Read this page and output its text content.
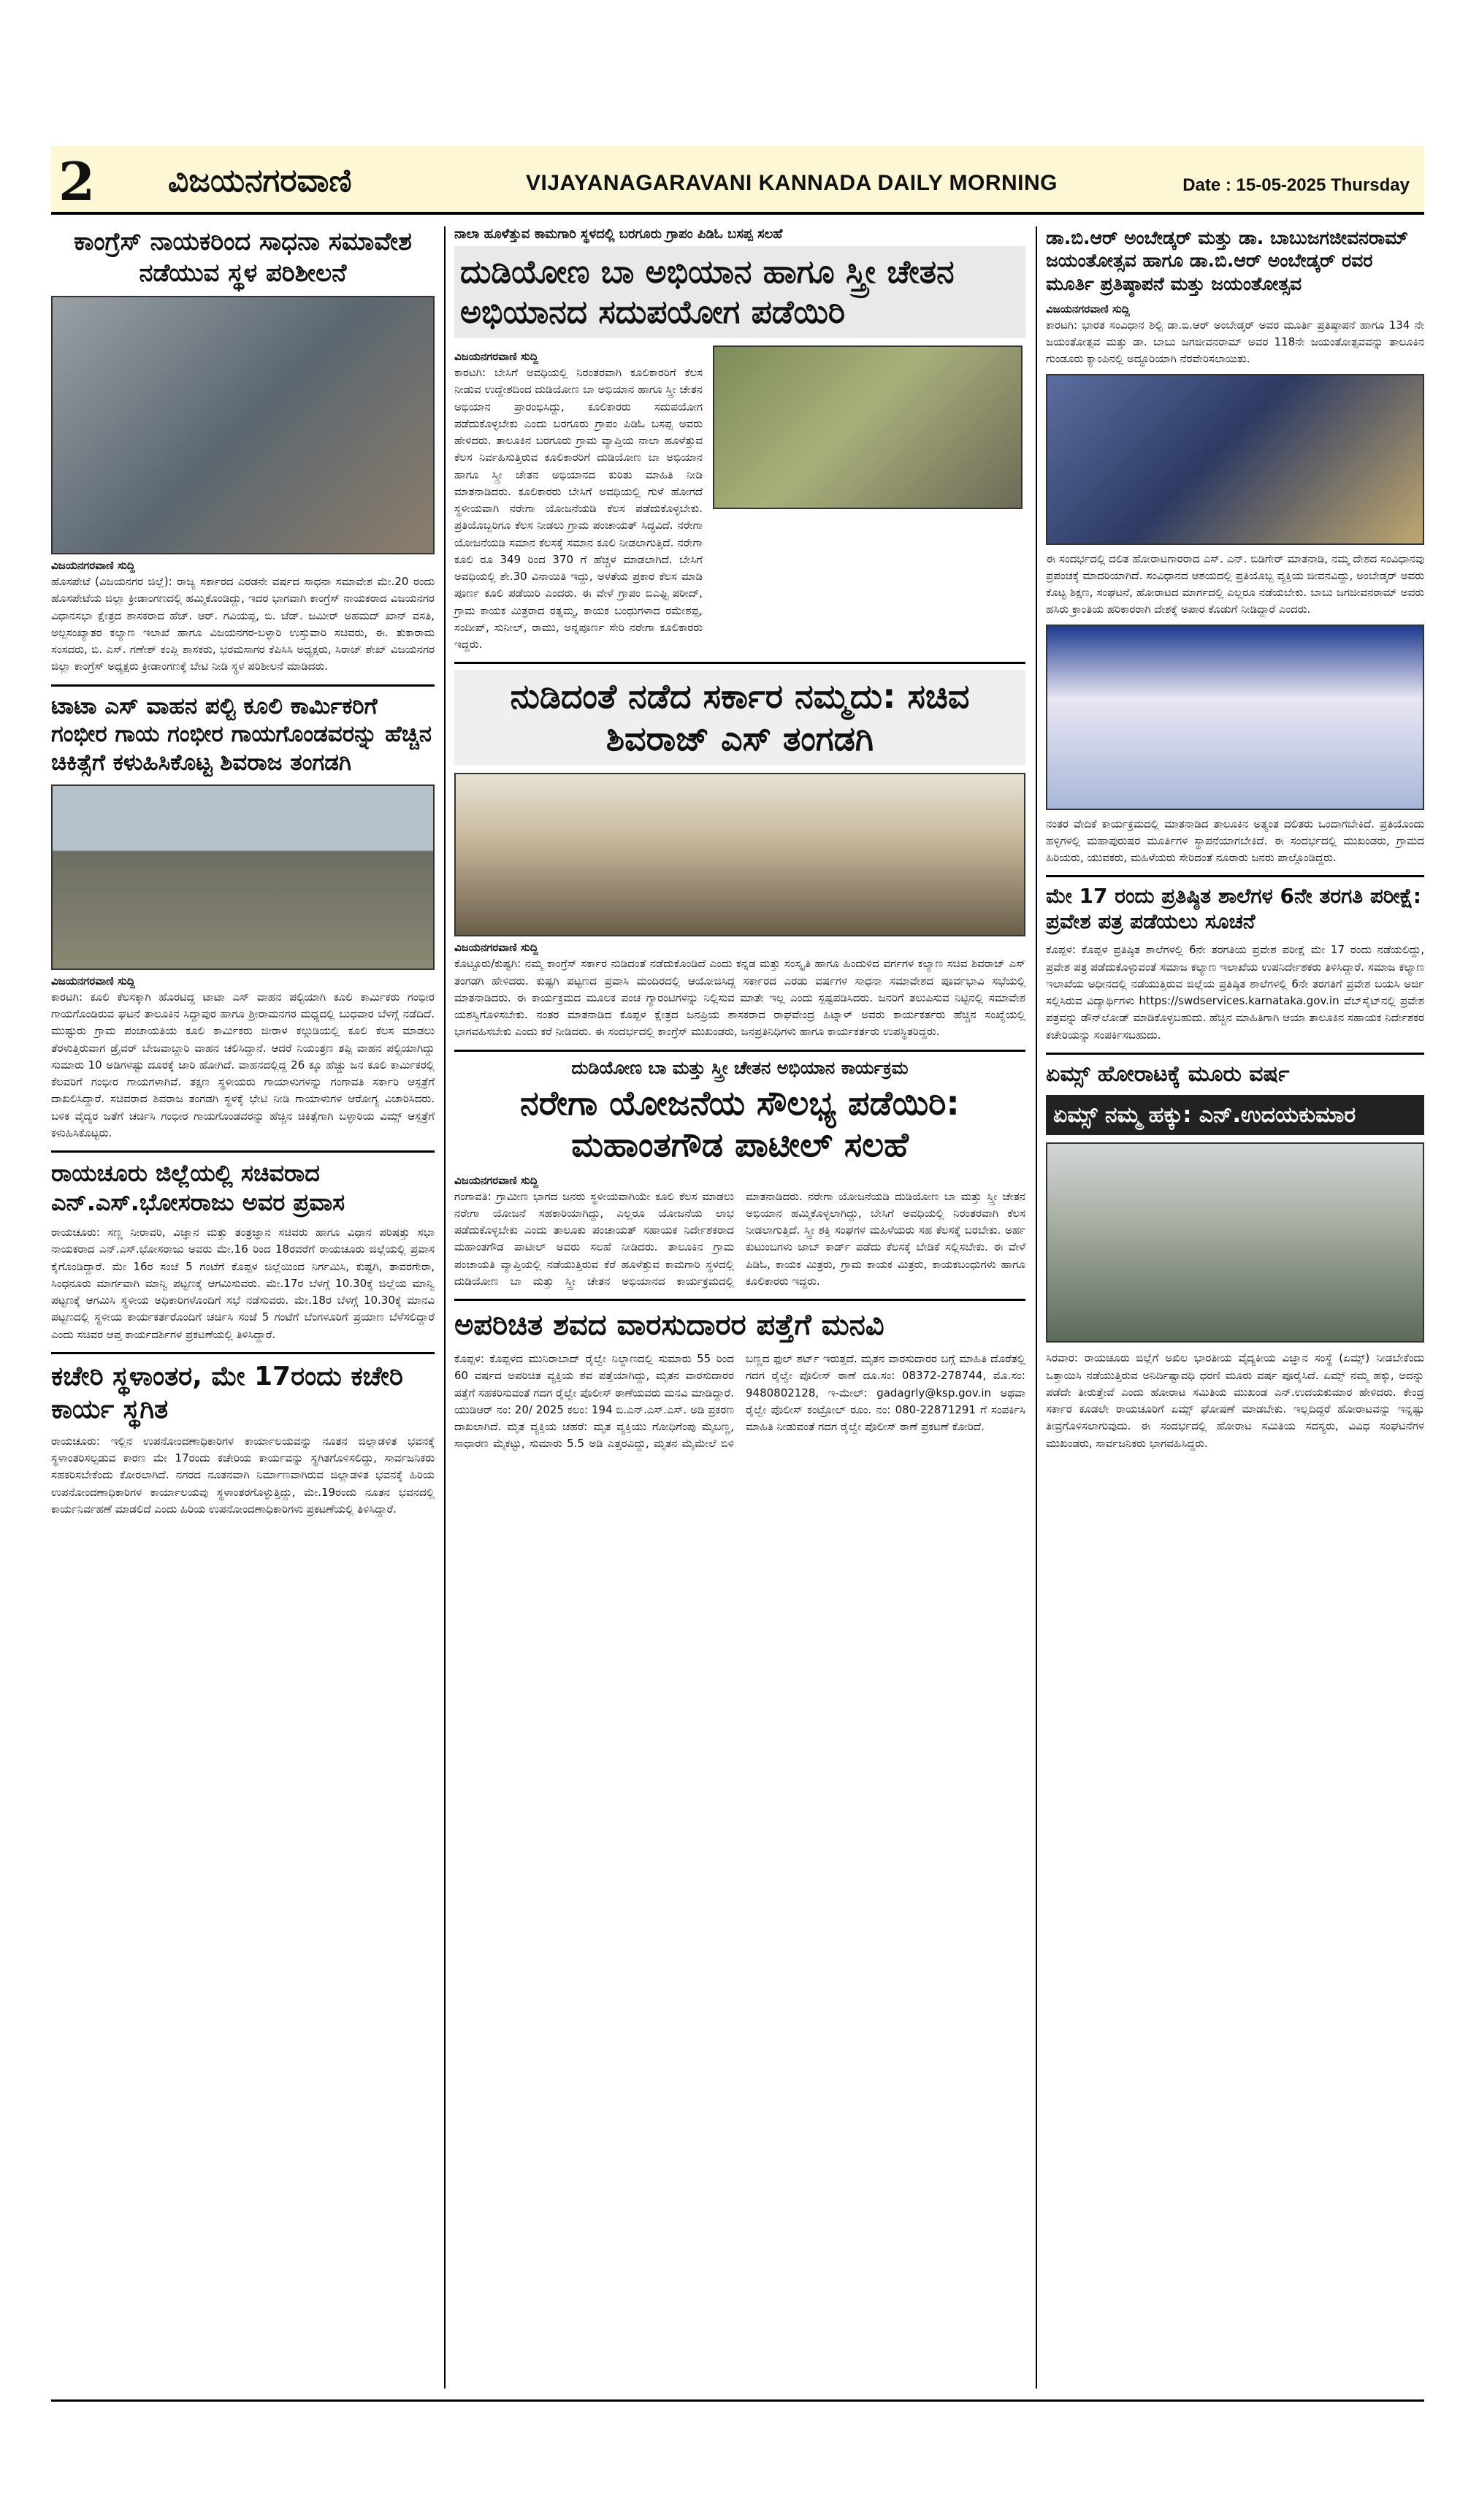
2 ವಿಜಯನಗರವಾಣಿ	VIJAYANAGARAVANI KANNADA DAILY MORNING	Date : 15-05-2025 Thursday
ಕಾಂಗ್ರೆಸ್ ನಾಯಕರಿಂದ ಸಾಧನಾ ಸಮಾವೇಶ ನಡೆಯುವ ಸ್ಥಳ ಪರಿಶೀಲನೆ
ವಿಜಯನಗರವಾಣಿ ಸುದ್ದಿ

ಹೊಸಪೇಟೆ (ವಿಜಯನಗರ ಜಿಲ್ಲೆ): ರಾಜ್ಯ ಸರ್ಕಾರದ ಎರಡನೇ ವರ್ಷದ ಸಾಧನಾ ಸಮಾವೇಶ ಮೇ.20 ರಂದು ಹೊಸಪೇಟೆಯ ಜಿಲ್ಲಾ ಕ್ರೀಡಾಂಗಣದಲ್ಲಿ ಹಮ್ಮಿಕೊಂಡಿದ್ದು, ಇದರ ಭಾಗವಾಗಿ ಕಾಂಗ್ರೆಸ್ ನಾಯಕರಾದ ವಿಜಯನಗರ ವಿಧಾನಸಭಾ ಕ್ಷೇತ್ರದ ಶಾಸಕರಾದ ಹೆಚ್. ಆರ್. ಗವಿಯಪ್ಪ, ಬಿ. ಜೆಡ್. ಜಮೀರ್ ಅಹಮದ್ ಖಾನ್ ವಸತಿ, ಅಲ್ಪಸಂಖ್ಯಾತರ ಕಲ್ಯಾಣ ಇಲಾಖೆ ಹಾಗೂ ವಿಜಯನಗರ-ಬಳ್ಳಾರಿ ಉಸ್ತುವಾರಿ ಸಚಿವರು, ಈ. ತುಕಾರಾಮ ಸಂಸದರು, ಬಿ. ಎಸ್. ಗಣೇಶ್ ಕಂಪ್ಲಿ ಶಾಸಕರು, ಭರಮಸಾಗರ ಕೆಪಿಸಿಸಿ ಅಧ್ಯಕ್ಷರು, ಸಿರಾಜ್ ಶೇಖ್ ವಿಜಯನಗರ ಜಿಲ್ಲಾ ಕಾಂಗ್ರೆಸ್ ಅಧ್ಯಕ್ಷರು ಕ್ರೀಡಾಂಗಣಕ್ಕೆ ಬೇಟಿ ನೀಡಿ ಸ್ಥಳ ಪರಿಶೀಲನೆ ಮಾಡಿದರು.

ಟಾಟಾ ಎಸ್ ವಾಹನ ಪಲ್ಟಿ ಕೂಲಿ ಕಾರ್ಮಿಕರಿಗೆ ಗಂಭೀರ ಗಾಯ ಗಂಭೀರ ಗಾಯಗೊಂಡವರನ್ನು ಹೆಚ್ಚಿನ ಚಿಕಿತ್ಸೆಗೆ ಕಳುಹಿಸಿಕೊಟ್ಟ ಶಿವರಾಜ ತಂಗಡಗಿ
ವಿಜಯನಗರವಾಣಿ ಸುದ್ದಿ

ಕಾರಟಗಿ: ಕೂಲಿ ಕೆಲಸಕ್ಕಾಗಿ ಹೊರಟಿದ್ದ ಟಾಟಾ ಎಸ್ ವಾಹನ ಪಲ್ಟಿಯಾಗಿ ಕೂಲಿ ಕಾರ್ಮಿಕರು ಗಂಭೀರ ಗಾಯಗೊಂಡಿರುವ ಘಟನೆ ತಾಲೂಕಿನ ಸಿದ್ದಾಪುರ ಹಾಗೂ ಶ್ರೀರಾಮನಗರ ಮಧ್ಯದಲ್ಲಿ ಬುಧವಾರ ಬೆಳಗ್ಗೆ ನಡೆದಿದೆ. ಮುಷ್ಟುರು ಗ್ರಾಮ ಪಂಚಾಯತಿಯ ಕೂಲಿ ಕಾರ್ಮಿಕರು ಜೀರಾಳ ಕಲ್ಗುಡಿಯಲ್ಲಿ ಕೂಲಿ ಕೆಲಸ ಮಾಡಲು ತೆರಳುತ್ತಿರುವಾಗ ಡ್ರೈವರ್ ಬೇಜವಾಬ್ದಾರಿ ವಾಹನ ಚಲಿಸಿದ್ದಾನೆ. ಆದರೆ ನಿಯಂತ್ರಣ ತಪ್ಪಿ ವಾಹನ ಪಲ್ಟಿಯಾಗಿದ್ದು ಸುಮಾರು 10 ಅಡಿಗಳಷ್ಟು ದೂರಕ್ಕೆ ಜಾರಿ ಹೋಗಿದೆ. ವಾಹನದಲ್ಲಿದ್ದ 26 ಕ್ಕೂ ಹೆಚ್ಚು ಜನ ಕೂಲಿ ಕಾರ್ಮಿಕರಲ್ಲಿ ಕೆಲವರಿಗೆ ಗಂಭೀರ ಗಾಯಗಳಾಗಿವೆ. ತಕ್ಷಣ ಸ್ಥಳೀಯರು ಗಾಯಾಳುಗಳನ್ನು ಗಂಗಾವತಿ ಸರ್ಕಾರಿ ಆಸ್ಪತ್ರೆಗೆ ದಾಖಲಿಸಿದ್ದಾರೆ. ಸಚಿವರಾದ ಶಿವರಾಜ ತಂಗಡಗಿ ಸ್ಥಳಕ್ಕೆ ಭೇಟಿ ನೀಡಿ ಗಾಯಾಳುಗಳ ಆರೋಗ್ಯ ವಿಚಾರಿಸಿದರು. ಬಳಿಕ ವೈದ್ಯರ ಜತೆಗೆ ಚರ್ಚಿಸಿ ಗಂಭೀರ ಗಾಯಗೊಂಡವರನ್ನು ಹೆಚ್ಚಿನ ಚಿಕಿತ್ಸೆಗಾಗಿ ಬಳ್ಳಾರಿಯ ವಿಮ್ಸ್ ಆಸ್ಪತ್ರೆಗೆ ಕಳುಹಿಸಿಕೊಟ್ಟರು.

ರಾಯಚೂರು ಜಿಲ್ಲೆಯಲ್ಲಿ ಸಚಿವರಾದ ಎನ್.ಎಸ್.ಭೋಸರಾಜು ಅವರ ಪ್ರವಾಸ

ರಾಯಚೂರು: ಸಣ್ಣ ನೀರಾವರಿ, ವಿಜ್ಞಾನ ಮತ್ತು ತಂತ್ರಜ್ಞಾನ ಸಚಿವರು ಹಾಗೂ ವಿಧಾನ ಪರಿಷತ್ತು ಸಭಾ ನಾಯಕರಾದ ಎನ್.ಎಸ್.ಭೋಸರಾಜು ಅವರು ಮೇ.16 ರಿಂದ 18ರವರೆಗೆ ರಾಯಚೂರು ಜಿಲ್ಲೆಯಲ್ಲಿ ಪ್ರವಾಸ ಕೈಗೊಂಡಿದ್ದಾರೆ. ಮೇ 16ರ ಸಂಜೆ 5 ಗಂಟೆಗೆ ಕೊಪ್ಪಳ ಜಿಲ್ಲೆಯಿಂದ ನಿರ್ಗಮಿಸಿ, ಕುಷ್ಟಗಿ, ತಾವರಗೇರಾ, ಸಿಂಧನೂರು ಮಾರ್ಗವಾಗಿ ಮಾನ್ವಿ ಪಟ್ಟಣಕ್ಕೆ ಆಗಮಿಸುವರು. ಮೇ.17ರ ಬೆಳಗ್ಗೆ 10.30ಕ್ಕೆ ಜಿಲ್ಲೆಯ ಮಾನ್ವಿ ಪಟ್ಟಣಕ್ಕೆ ಆಗಮಿಸಿ ಸ್ಥಳೀಯ ಅಧಿಕಾರಿಗಳೊಂದಿಗೆ ಸಭೆ ನಡೆಸುವರು. ಮೇ.18ರ ಬೆಳಗ್ಗೆ 10.30ಕ್ಕೆ ಮಾನವಿ ಪಟ್ಟಣದಲ್ಲಿ ಸ್ಥಳೀಯ ಕಾರ್ಯಕರ್ತರೊಂದಿಗೆ ಚರ್ಚಿಸಿ ಸಂಜೆ 5 ಗಂಟೆಗೆ ಬೆಂಗಳೂರಿಗೆ ಪ್ರಯಾಣ ಬೆಳೆಸಲಿದ್ದಾರೆ ಎಂದು ಸಚಿವರ ಆಪ್ತ ಕಾರ್ಯದರ್ಶಿಗಳ ಪ್ರಕಟಣೆಯಲ್ಲಿ ತಿಳಿಸಿದ್ದಾರೆ.

ಕಚೇರಿ ಸ್ಥಳಾಂತರ, ಮೇ 17ರಂದು ಕಚೇರಿ ಕಾರ್ಯ ಸ್ಥಗಿತ

ರಾಯಚೂರು: ಇಲ್ಲಿನ ಉಪನೋಂದಣಾಧಿಕಾರಿಗಳ ಕಾರ್ಯಾಲಯವನ್ನು ನೂತನ ಜಿಲ್ಲಾಡಳಿತ ಭವನಕ್ಕೆ ಸ್ಥಳಾಂತರಿಸಲ್ಪಡುವ ಕಾರಣ ಮೇ 17ರಂದು ಕಚೇರಿಯ ಕಾರ್ಯವನ್ನು ಸ್ಥಗಿತಗೊಳಿಸಲಿದ್ದು, ಸಾರ್ವಜನಿಕರು ಸಹಕರಿಸಬೇಕೆಂದು ಕೋರಲಾಗಿದೆ. ನಗರದ ನೂತನವಾಗಿ ನಿರ್ಮಾಣವಾಗಿರುವ ಜಿಲ್ಲಾಡಳಿತ ಭವನಕ್ಕೆ ಹಿರಿಯ ಉಪನೋಂದಣಾಧಿಕಾರಿಗಳ ಕಾರ್ಯಾಲಯವು ಸ್ಥಳಾಂತರಗೊಳ್ಳುತ್ತಿದ್ದು, ಮೇ.19ರಂದು ನೂತನ ಭವನದಲ್ಲಿ ಕಾರ್ಯನಿರ್ವಹಣೆ ಮಾಡಲಿದೆ ಎಂದು ಹಿರಿಯ ಉಪನೋಂದಣಾಧಿಕಾರಿಗಳು ಪ್ರಕಟಣೆಯಲ್ಲಿ ತಿಳಿಸಿದ್ದಾರೆ.

ನಾಲಾ ಹೂಳೆತ್ತುವ ಕಾಮಗಾರಿ ಸ್ಥಳದಲ್ಲಿ ಬರಗೂರು ಗ್ರಾಪಂ ಪಿಡಿಓ ಬಸಪ್ಪ ಸಲಹೆ
ದುಡಿಯೋಣ ಬಾ ಅಭಿಯಾನ ಹಾಗೂ ಸ್ತ್ರೀ ಚೇತನ ಅಭಿಯಾನದ ಸದುಪಯೋಗ ಪಡೆಯಿರಿ
ವಿಜಯನಗರವಾಣಿ ಸುದ್ದಿ

ಕಾರಟಗಿ: ಬೇಸಿಗೆ ಅವಧಿಯಲ್ಲಿ ನಿರಂತರವಾಗಿ ಕೂಲಿಕಾರರಿಗೆ ಕೆಲಸ ನೀಡುವ ಉದ್ದೇಶದಿಂದ ದುಡಿಯೋಣ ಬಾ ಅಭಿಯಾನ ಹಾಗೂ ಸ್ತ್ರೀ ಚೇತನ ಅಭಿಯಾನ ಪ್ರಾರಂಭಿಸಿದ್ದು, ಕೂಲಿಕಾರರು ಸದುಪಯೋಗ ಪಡೆದುಕೊಳ್ಳಬೇಕು ಎಂದು ಬರಗೂರು ಗ್ರಾಪಂ ಪಿಡಿಓ ಬಸಪ್ಪ ಅವರು ಹೇಳಿದರು. ತಾಲೂಕಿನ ಬರಗೂರು ಗ್ರಾಮ ವ್ಯಾಪ್ತಿಯ ನಾಲಾ ಹೂಳೆತ್ತುವ ಕೆಲಸ ನಿರ್ವಹಿಸುತ್ತಿರುವ ಕೂಲಿಕಾರರಿಗೆ ದುಡಿಯೋಣ ಬಾ ಅಭಿಯಾನ ಹಾಗೂ ಸ್ತ್ರೀ ಚೇತನ ಅಭಿಯಾನದ ಕುರಿತು ಮಾಹಿತಿ ನೀಡಿ ಮಾತನಾಡಿದರು. ಕೂಲಿಕಾರರು ಬೇಸಿಗೆ ಅವಧಿಯಲ್ಲಿ ಗುಳೆ ಹೋಗದೆ ಸ್ಥಳೀಯವಾಗಿ ನರೇಗಾ ಯೋಜನೆಯಡಿ ಕೆಲಸ ಪಡೆದುಕೊಳ್ಳಬೇಕು. ಪ್ರತಿಯೊಬ್ಬರಿಗೂ ಕೆಲಸ ನೀಡಲು ಗ್ರಾಮ ಪಂಚಾಯತ್ ಸಿದ್ಧವಿದೆ. ನರೇಗಾ ಯೋಜನೆಯಡಿ ಸಮಾನ ಕೆಲಸಕ್ಕೆ ಸಮಾನ ಕೂಲಿ ನೀಡಲಾಗುತ್ತಿದೆ. ನರೇಗಾ ಕೂಲಿ ರೂ 349 ರಿಂದ 370 ಗೆ ಹೆಚ್ಚಳ ಮಾಡಲಾಗಿದೆ. ಬೇಸಿಗೆ ಅವಧಿಯಲ್ಲಿ ಶೇ.30 ವಿನಾಯಿತಿ ಇದ್ದು, ಅಳತೆಯ ಪ್ರಕಾರ ಕೆಲಸ ಮಾಡಿ ಪೂರ್ಣ ಕೂಲಿ ಪಡೆಯಿರಿ ಎಂದರು. ಈ ವೇಳೆ ಗ್ರಾಪಂ ಬಿಎಫ್ಟಿ ಪರೀದ್, ಗ್ರಾಮ ಕಾಯಕ ಮಿತ್ರರಾದ ರತ್ನಮ್ಮ, ಕಾಯಕ ಬಂಧುಗಳಾದ ರಮೇಶಪ್ಪ, ಸಂದೀಪ್, ಸುನೀಲ್, ರಾಮು, ಅನ್ನಪೂರ್ಣ ಸೇರಿ ನರೇಗಾ ಕೂಲಿಕಾರರು ಇದ್ದರು.

ನುಡಿದಂತೆ ನಡೆದ ಸರ್ಕಾರ ನಮ್ಮದು: ಸಚಿವ ಶಿವರಾಜ್ ಎಸ್ ತಂಗಡಗಿ
ವಿಜಯನಗರವಾಣಿ ಸುದ್ದಿ

ಕೊಟ್ಟೂರು/ಕುಷ್ಟಗಿ: ನಮ್ಮ ಕಾಂಗ್ರೆಸ್ ಸರ್ಕಾರ ನುಡಿದಂತೆ ನಡೆದುಕೊಂಡಿದೆ ಎಂದು ಕನ್ನಡ ಮತ್ತು ಸಂಸ್ಕೃತಿ ಹಾಗೂ ಹಿಂದುಳಿದ ವರ್ಗಗಳ ಕಲ್ಯಾಣ ಸಚಿವ ಶಿವರಾಜ್ ಎಸ್ ತಂಗಡಗಿ ಹೇಳಿದರು. ಕುಷ್ಟಗಿ ಪಟ್ಟಣದ ಪ್ರವಾಸಿ ಮಂದಿರದಲ್ಲಿ ಆಯೋಜಿಸಿದ್ದ ಸರ್ಕಾರದ ಎರಡು ವರ್ಷಗಳ ಸಾಧನಾ ಸಮಾವೇಶದ ಪೂರ್ವಭಾವಿ ಸಭೆಯಲ್ಲಿ ಮಾತನಾಡಿದರು. ಈ ಕಾರ್ಯಕ್ರಮದ ಮೂಲಕ ಪಂಚ ಗ್ಯಾರಂಟಿಗಳನ್ನು ನಿಲ್ಲಿಸುವ ಮಾತೇ ಇಲ್ಲ ಎಂದು ಸ್ಪಷ್ಟಪಡಿಸಿದರು. ಜನರಿಗೆ ತಲುಪಿಸುವ ನಿಟ್ಟಿನಲ್ಲಿ ಸಮಾವೇಶ ಯಶಸ್ವಿಗೊಳಿಸಬೇಕು. ನಂತರ ಮಾತನಾಡಿದ ಕೊಪ್ಪಳ ಕ್ಷೇತ್ರದ ಜನಪ್ರಿಯ ಶಾಸಕರಾದ ರಾಘವೇಂದ್ರ ಹಿಟ್ನಾಳ್ ಅವರು ಕಾರ್ಯಕರ್ತರು ಹೆಚ್ಚಿನ ಸಂಖ್ಯೆಯಲ್ಲಿ ಭಾಗವಹಿಸಬೇಕು ಎಂದು ಕರೆ ನೀಡಿದರು. ಈ ಸಂದರ್ಭದಲ್ಲಿ ಕಾಂಗ್ರೆಸ್ ಮುಖಂಡರು, ಜನಪ್ರತಿನಿಧಿಗಳು ಹಾಗೂ ಕಾರ್ಯಕರ್ತರು ಉಪಸ್ಥಿತರಿದ್ದರು.

ದುಡಿಯೋಣ ಬಾ ಮತ್ತು ಸ್ತ್ರೀ ಚೇತನ ಅಭಿಯಾನ ಕಾರ್ಯಕ್ರಮ
ನರೇಗಾ ಯೋಜನೆಯ ಸೌಲಭ್ಯ ಪಡೆಯಿರಿ: ಮಹಾಂತಗೌಡ ಪಾಟೀಲ್ ಸಲಹೆ
ವಿಜಯನಗರವಾಣಿ ಸುದ್ದಿ

ಗಂಗಾವತಿ: ಗ್ರಾಮೀಣ ಭಾಗದ ಜನರು ಸ್ಥಳೀಯವಾಗಿಯೇ ಕೂಲಿ ಕೆಲಸ ಮಾಡಲು ನರೇಗಾ ಯೋಜನೆ ಸಹಕಾರಿಯಾಗಿದ್ದು, ಎಲ್ಲರೂ ಯೋಜನೆಯ ಲಾಭ ಪಡೆದುಕೊಳ್ಳಬೇಕು ಎಂದು ತಾಲೂಕು ಪಂಚಾಯತ್ ಸಹಾಯಕ ನಿರ್ದೇಶಕರಾದ ಮಹಾಂತಗೌಡ ಪಾಟೀಲ್ ಅವರು ಸಲಹೆ ನೀಡಿದರು. ತಾಲೂಕಿನ ಗ್ರಾಮ ಪಂಚಾಯತಿ ವ್ಯಾಪ್ತಿಯಲ್ಲಿ ನಡೆಯುತ್ತಿರುವ ಕೆರೆ ಹೂಳೆತ್ತುವ ಕಾಮಗಾರಿ ಸ್ಥಳದಲ್ಲಿ ದುಡಿಯೋಣ ಬಾ ಮತ್ತು ಸ್ತ್ರೀ ಚೇತನ ಅಭಿಯಾನದ ಕಾರ್ಯಕ್ರಮದಲ್ಲಿ ಮಾತನಾಡಿದರು. ನರೇಗಾ ಯೋಜನೆಯಡಿ ದುಡಿಯೋಣ ಬಾ ಮತ್ತು ಸ್ತ್ರೀ ಚೇತನ ಅಭಿಯಾನ ಹಮ್ಮಿಕೊಳ್ಳಲಾಗಿದ್ದು, ಬೇಸಿಗೆ ಅವಧಿಯಲ್ಲಿ ನಿರಂತರವಾಗಿ ಕೆಲಸ ನೀಡಲಾಗುತ್ತಿದೆ. ಸ್ತ್ರೀ ಶಕ್ತಿ ಸಂಘಗಳ ಮಹಿಳೆಯರು ಸಹ ಕೆಲಸಕ್ಕೆ ಬರಬೇಕು. ಅರ್ಹ ಕುಟುಂಬಗಳು ಜಾಬ್ ಕಾರ್ಡ್ ಪಡೆದು ಕೆಲಸಕ್ಕೆ ಬೇಡಿಕೆ ಸಲ್ಲಿಸಬೇಕು. ಈ ವೇಳೆ ಪಿಡಿಓ, ಕಾಯಕ ಮಿತ್ರರು, ಗ್ರಾಮ ಕಾಯಕ ಮಿತ್ರರು, ಕಾಯಕಬಂಧುಗಳು ಹಾಗೂ ಕೂಲಿಕಾರರು ಇದ್ದರು.

ಅಪರಿಚಿತ ಶವದ ವಾರಸುದಾರರ ಪತ್ತೆಗೆ ಮನವಿ

ಕೊಪ್ಪಳ: ಕೊಪ್ಪಳದ ಮುನಿರಾಬಾದ್ ರೈಲ್ವೇ ನಿಲ್ದಾಣದಲ್ಲಿ ಸುಮಾರು 55 ರಿಂದ 60 ವರ್ಷದ ಅಪರಿಚಿತ ವ್ಯಕ್ತಿಯ ಶವ ಪತ್ತೆಯಾಗಿದ್ದು, ಮೃತನ ವಾರಸುದಾರರ ಪತ್ತೆಗೆ ಸಹಕರಿಸುವಂತೆ ಗದಗ ರೈಲ್ವೇ ಪೊಲೀಸ್ ಠಾಣೆಯವರು ಮನವಿ ಮಾಡಿದ್ದಾರೆ. ಯುಡಿಆರ್ ನಂ: 20/ 2025 ಕಲಂ: 194 ಬಿ.ಎನ್.ಎಸ್.ಎಸ್. ಅಡಿ ಪ್ರಕರಣ ದಾಖಲಾಗಿದೆ. ಮೃತ ವ್ಯಕ್ತಿಯ ಚಹರೆ: ಮೃತ ವ್ಯಕ್ತಿಯು ಗೋಧಿಗೆಂಪು ಮೈಬಣ್ಣ, ಸಾಧಾರಣ ಮೈಕಟ್ಟು, ಸುಮಾರು 5.5 ಅಡಿ ಎತ್ತರವಿದ್ದು, ಮೃತನ ಮೈಮೇಲೆ ಬಿಳಿ ಬಣ್ಣದ ಫುಲ್ ಶರ್ಟ್ ಇರುತ್ತದೆ. ಮೃತನ ವಾರಸುದಾರರ ಬಗ್ಗೆ ಮಾಹಿತಿ ದೊರೆತಲ್ಲಿ ಗದಗ ರೈಲ್ವೇ ಪೊಲೀಸ್ ಠಾಣೆ ದೂ.ಸಂ: 08372-278744, ಮೊ.ಸಂ: 9480802128, ಇ-ಮೇಲ್: gadagrly@ksp.gov.in ಅಥವಾ ರೈಲ್ವೇ ಪೊಲೀಸ್ ಕಂಟ್ರೋಲ್ ರೂಂ. ನಂ: 080-22871291 ಗೆ ಸಂಪರ್ಕಿಸಿ ಮಾಹಿತಿ ನೀಡುವಂತೆ ಗದಗ ರೈಲ್ವೇ ಪೊಲೀಸ್ ಠಾಣೆ ಪ್ರಕಟಣೆ ಕೋರಿದೆ.

ಡಾ.ಬಿ.ಆರ್ ಅಂಬೇಡ್ಕರ್ ಮತ್ತು ಡಾ. ಬಾಬುಜಗಜೀವನರಾಮ್ ಜಯಂತೋತ್ಸವ ಹಾಗೂ ಡಾ.ಬಿ.ಆರ್ ಅಂಬೇಡ್ಕರ್ ರವರ ಮೂರ್ತಿ ಪ್ರತಿಷ್ಠಾಪನೆ ಮತ್ತು ಜಯಂತೋತ್ಸವ
ವಿಜಯನಗರವಾಣಿ ಸುದ್ದಿ

ಕಾರಟಗಿ: ಭಾರತ ಸಂವಿಧಾನ ಶಿಲ್ಪಿ ಡಾ.ಬಿ.ಆರ್ ಅಂಬೇಡ್ಕರ್ ಅವರ ಮೂರ್ತಿ ಪ್ರತಿಷ್ಠಾಪನೆ ಹಾಗೂ 134 ನೇ ಜಯಂತೋತ್ಸವ ಮತ್ತು ಡಾ. ಬಾಬು ಜಗಜೀವನರಾಮ್ ಅವರ 118ನೇ ಜಯಂತೋತ್ಸವವನ್ನು ತಾಲೂಕಿನ ಗುಂಡೂರು ಕ್ಯಾಂಪಿನಲ್ಲಿ ಅದ್ಧೂರಿಯಾಗಿ ನೆರವೇರಿಸಲಾಯಿತು.

ಈ ಸಂದರ್ಭದಲ್ಲಿ ದಲಿತ ಹೋರಾಟಗಾರರಾದ ಎಸ್. ಎನ್. ಬಿಡಿಗೇರ್ ಮಾತನಾಡಿ, ನಮ್ಮ ದೇಶದ ಸಂವಿಧಾನವು ಪ್ರಪಂಚಕ್ಕೆ ಮಾದರಿಯಾಗಿದೆ. ಸಂವಿಧಾನದ ಆಶಯದಲ್ಲಿ ಪ್ರತಿಯೊಬ್ಬ ವ್ಯಕ್ತಿಯ ಜೀವನವಿದ್ದು, ಅಂಬೇಡ್ಕರ್ ಅವರು ಕೊಟ್ಟ ಶಿಕ್ಷಣ, ಸಂಘಟನೆ, ಹೋರಾಟದ ಮಾರ್ಗದಲ್ಲಿ ಎಲ್ಲರೂ ನಡೆಯಬೇಕು. ಬಾಬು ಜಗಜೀವನರಾಮ್ ಅವರು ಹಸಿರು ಕ್ರಾಂತಿಯ ಹರಿಕಾರರಾಗಿ ದೇಶಕ್ಕೆ ಅಪಾರ ಕೊಡುಗೆ ನೀಡಿದ್ದಾರೆ ಎಂದರು.

ನಂತರ ವೇದಿಕೆ ಕಾರ್ಯಕ್ರಮದಲ್ಲಿ ಮಾತನಾಡಿದ ತಾಲೂಕಿನ ಅತ್ಯಂತ ದಲಿತರು ಒಂದಾಗಬೇಕಿದೆ. ಪ್ರತಿಯೊಂದು ಹಳ್ಳಿಗಳಲ್ಲಿ ಮಹಾಪುರುಷರ ಮೂರ್ತಿಗಳ ಸ್ಥಾಪನೆಯಾಗಬೇಕಿದೆ. ಈ ಸಂದರ್ಭದಲ್ಲಿ ಮುಖಂಡರು, ಗ್ರಾಮದ ಹಿರಿಯರು, ಯುವಕರು, ಮಹಿಳೆಯರು ಸೇರಿದಂತೆ ನೂರಾರು ಜನರು ಪಾಲ್ಗೊಂಡಿದ್ದರು.

ಮೇ 17 ರಂದು ಪ್ರತಿಷ್ಠಿತ ಶಾಲೆಗಳ 6ನೇ ತರಗತಿ ಪರೀಕ್ಷೆ: ಪ್ರವೇಶ ಪತ್ರ ಪಡೆಯಲು ಸೂಚನೆ

ಕೊಪ್ಪಳ: ಕೊಪ್ಪಳ ಪ್ರತಿಷ್ಠಿತ ಶಾಲೆಗಳಲ್ಲಿ 6ನೇ ತರಗತಿಯ ಪ್ರವೇಶ ಪರೀಕ್ಷೆ ಮೇ 17 ರಂದು ನಡೆಯಲಿದ್ದು, ಪ್ರವೇಶ ಪತ್ರ ಪಡೆದುಕೊಳ್ಳುವಂತೆ ಸಮಾಜ ಕಲ್ಯಾಣ ಇಲಾಖೆಯ ಉಪನಿರ್ದೇಶಕರು ತಿಳಿಸಿದ್ದಾರೆ. ಸಮಾಜ ಕಲ್ಯಾಣ ಇಲಾಖೆಯ ಅಧೀನದಲ್ಲಿ ನಡೆಯುತ್ತಿರುವ ಜಿಲ್ಲೆಯ ಪ್ರತಿಷ್ಠಿತ ಶಾಲೆಗಳಲ್ಲಿ 6ನೇ ತರಗತಿಗೆ ಪ್ರವೇಶ ಬಯಸಿ ಅರ್ಜಿ ಸಲ್ಲಿಸಿರುವ ವಿದ್ಯಾರ್ಥಿಗಳು https://swdservices.karnataka.gov.in ವೆಬ್‌ಸೈಟ್‌ನಲ್ಲಿ ಪ್ರವೇಶ ಪತ್ರವನ್ನು ಡೌನ್‌ಲೋಡ್ ಮಾಡಿಕೊಳ್ಳಬಹುದು. ಹೆಚ್ಚಿನ ಮಾಹಿತಿಗಾಗಿ ಆಯಾ ತಾಲೂಕಿನ ಸಹಾಯಕ ನಿರ್ದೇಶಕರ ಕಚೇರಿಯನ್ನು ಸಂಪರ್ಕಿಸಬಹುದು.

ಏಮ್ಸ್ ಹೋರಾಟಕ್ಕೆ ಮೂರು ವರ್ಷ
ಏಮ್ಸ್ ನಮ್ಮ ಹಕ್ಕು: ಎನ್.ಉದಯಕುಮಾರ

ಸಿರವಾರ: ರಾಯಚೂರು ಜಿಲ್ಲೆಗೆ ಅಖಿಲ ಭಾರತೀಯ ವೈದ್ಯಕೀಯ ವಿಜ್ಞಾನ ಸಂಸ್ಥೆ (ಏಮ್ಸ್) ನೀಡಬೇಕೆಂದು ಒತ್ತಾಯಿಸಿ ನಡೆಯುತ್ತಿರುವ ಅನಿರ್ದಿಷ್ಟಾವಧಿ ಧರಣಿ ಮೂರು ವರ್ಷ ಪೂರೈಸಿದೆ. ಏಮ್ಸ್ ನಮ್ಮ ಹಕ್ಕು, ಅದನ್ನು ಪಡೆದೇ ತೀರುತ್ತೇವೆ ಎಂದು ಹೋರಾಟ ಸಮಿತಿಯ ಮುಖಂಡ ಎನ್.ಉದಯಕುಮಾರ ಹೇಳಿದರು. ಕೇಂದ್ರ ಸರ್ಕಾರ ಕೂಡಲೇ ರಾಯಚೂರಿಗೆ ಏಮ್ಸ್ ಘೋಷಣೆ ಮಾಡಬೇಕು. ಇಲ್ಲದಿದ್ದರೆ ಹೋರಾಟವನ್ನು ಇನ್ನಷ್ಟು ತೀವ್ರಗೊಳಿಸಲಾಗುವುದು. ಈ ಸಂದರ್ಭದಲ್ಲಿ ಹೋರಾಟ ಸಮಿತಿಯ ಸದಸ್ಯರು, ವಿವಿಧ ಸಂಘಟನೆಗಳ ಮುಖಂಡರು, ಸಾರ್ವಜನಿಕರು ಭಾಗವಹಿಸಿದ್ದರು.
